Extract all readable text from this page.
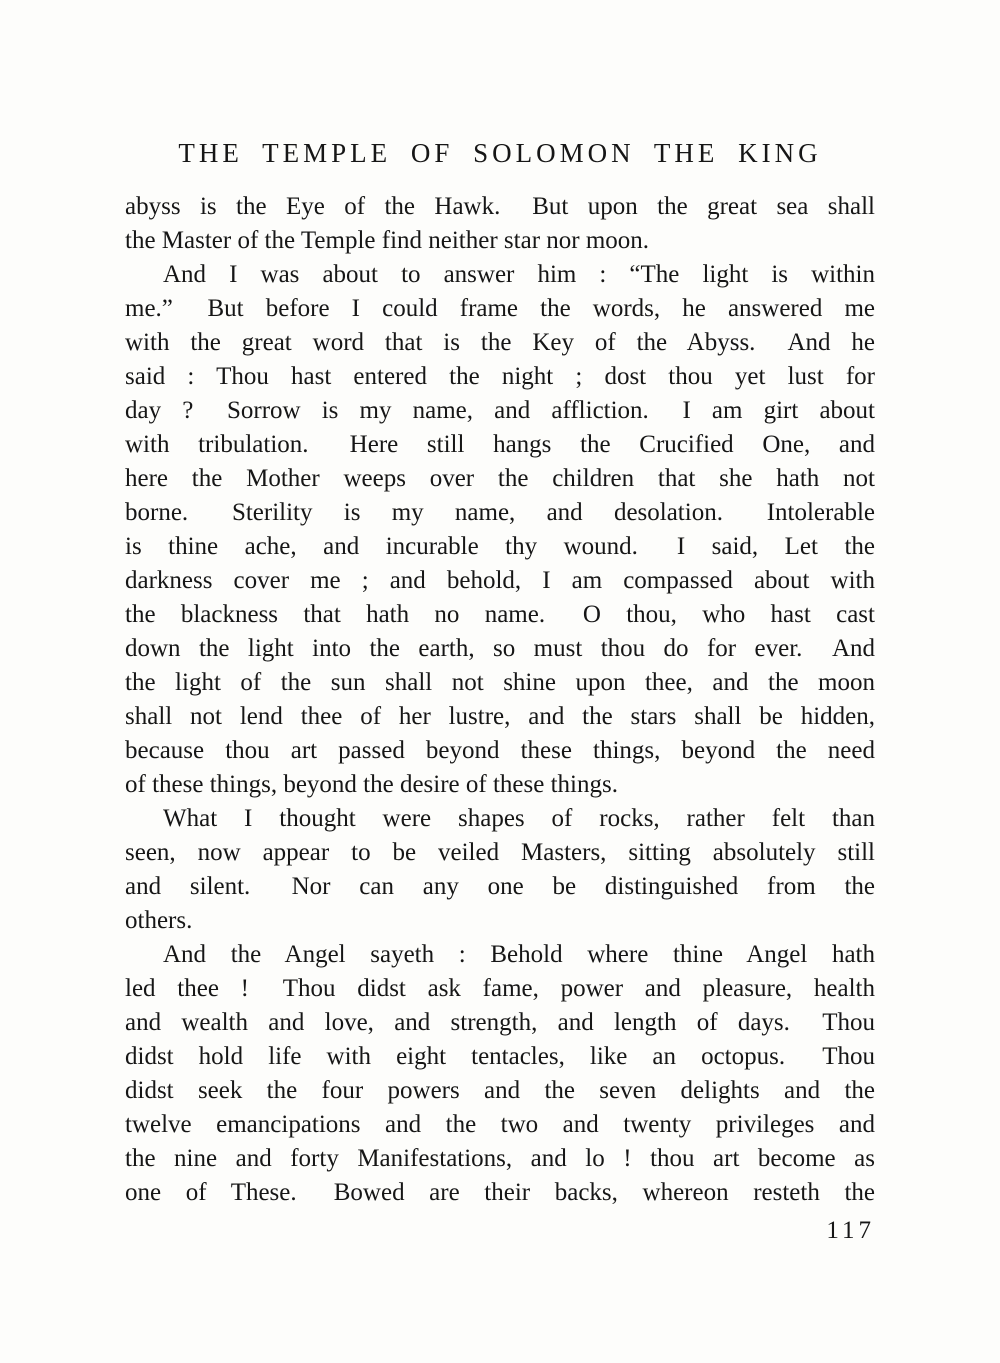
THE TEMPLE OF SOLOMON THE KING
abyss is the Eye of the Hawk.  But upon the great sea shall
the Master of the Temple find neither star nor moon.
And I was about to answer him : “The light is within
me.”  But before I could frame the words, he answered me
with the great word that is the Key of the Abyss.  And he
said : Thou hast entered the night ; dost thou yet lust for
day ?  Sorrow is my name, and affliction.  I am girt about
with tribulation.  Here still hangs the Crucified One, and
here the Mother weeps over the children that she hath not
borne.  Sterility is my name, and desolation.  Intolerable
is thine ache, and incurable thy wound.  I said, Let the
darkness cover me ; and behold, I am compassed about with
the blackness that hath no name.  O thou, who hast cast
down the light into the earth, so must thou do for ever.  And
the light of the sun shall not shine upon thee, and the moon
shall not lend thee of her lustre, and the stars shall be hidden,
because thou art passed beyond these things, beyond the need
of these things, beyond the desire of these things.
What I thought were shapes of rocks, rather felt than
seen, now appear to be veiled Masters, sitting absolutely still
and silent.  Nor can any one be distinguished from the
others.
And the Angel sayeth : Behold where thine Angel hath
led thee !  Thou didst ask fame, power and pleasure, health
and wealth and love, and strength, and length of days.  Thou
didst hold life with eight tentacles, like an octopus.  Thou
didst seek the four powers and the seven delights and the
twelve emancipations and the two and twenty privileges and
the nine and forty Manifestations, and lo ! thou art become as
one of These.  Bowed are their backs, whereon resteth the
117
